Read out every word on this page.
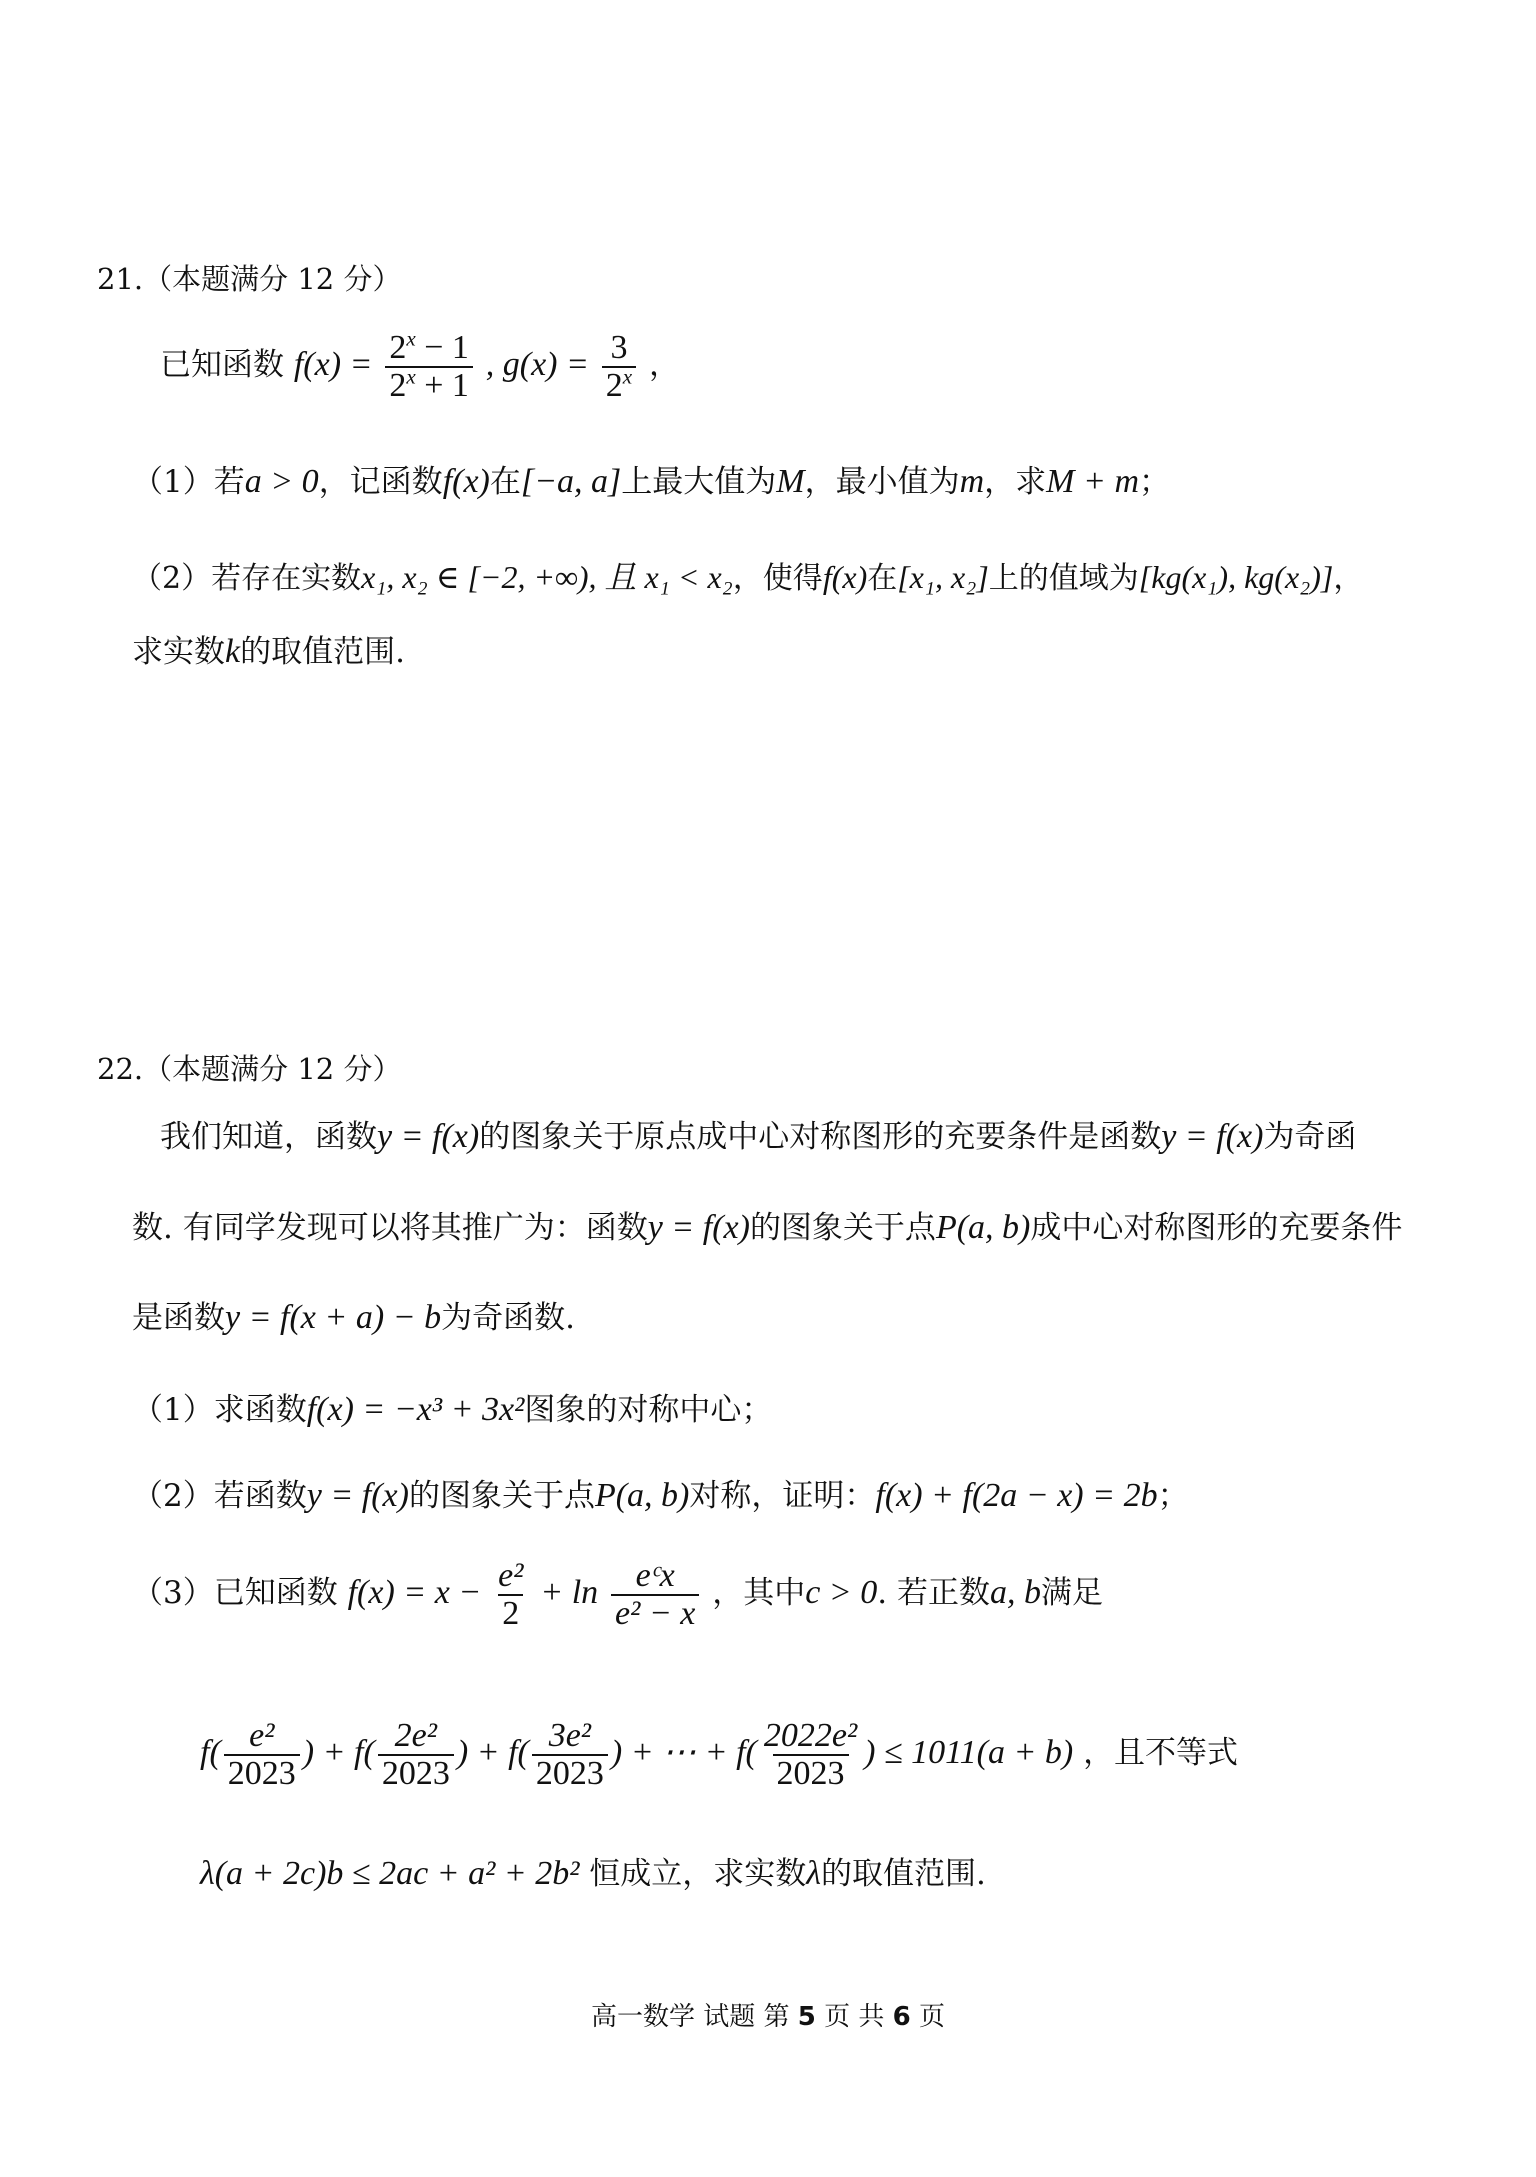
21.（本题满分 12 分）
已知函数 $f(x) = \frac{2^x - 1}{2^x + 1}$ , $g(x) = \frac{3}{2^x}$ ，
（1）若a > 0，记函数f(x)在[−a, a]上最大值为M，最小值为m，求M + m；
（2）若存在实数x₁, x₂ ∈ [−2, +∞), 且 x₁ < x₂，使得f(x)在[x₁, x₂]上的值域为[kg(x₁), kg(x₂)]，
求实数k的取值范围.
22.（本题满分 12 分）
我们知道，函数y = f(x)的图象关于原点成中心对称图形的充要条件是函数y = f(x)为奇函
数. 有同学发现可以将其推广为：函数y = f(x)的图象关于点P(a, b)成中心对称图形的充要条件
是函数y = f(x + a) − b为奇函数.
（1）求函数f(x) = −x³ + 3x²图象的对称中心；
（2）若函数y = f(x)的图象关于点P(a, b)对称，证明：f(x) + f(2a − x) = 2b；
（3）已知函数 $f(x) = x - \frac{\text{e²}}{2} + \ln \frac{\text{eᶜx}}{\text{e² − x}}$ ，其中c > 0. 若正数a, b满足
$f( \frac{\text{e²}}{2023}$ ) + $f( \frac{\text{2e²}}{2023}$ ) + $f( \frac{\text{3e²}}{2023}$ ) + ⋯ + $f( \frac{\text{2022e²}}{2023}$ ) ≤ 1011(a + b) ，且不等式
λ(a + 2c)b ≤ 2ac + a² + 2b² 恒成立，求实数λ的取值范围.
高一数学 试题 第 5 页 共 6 页
